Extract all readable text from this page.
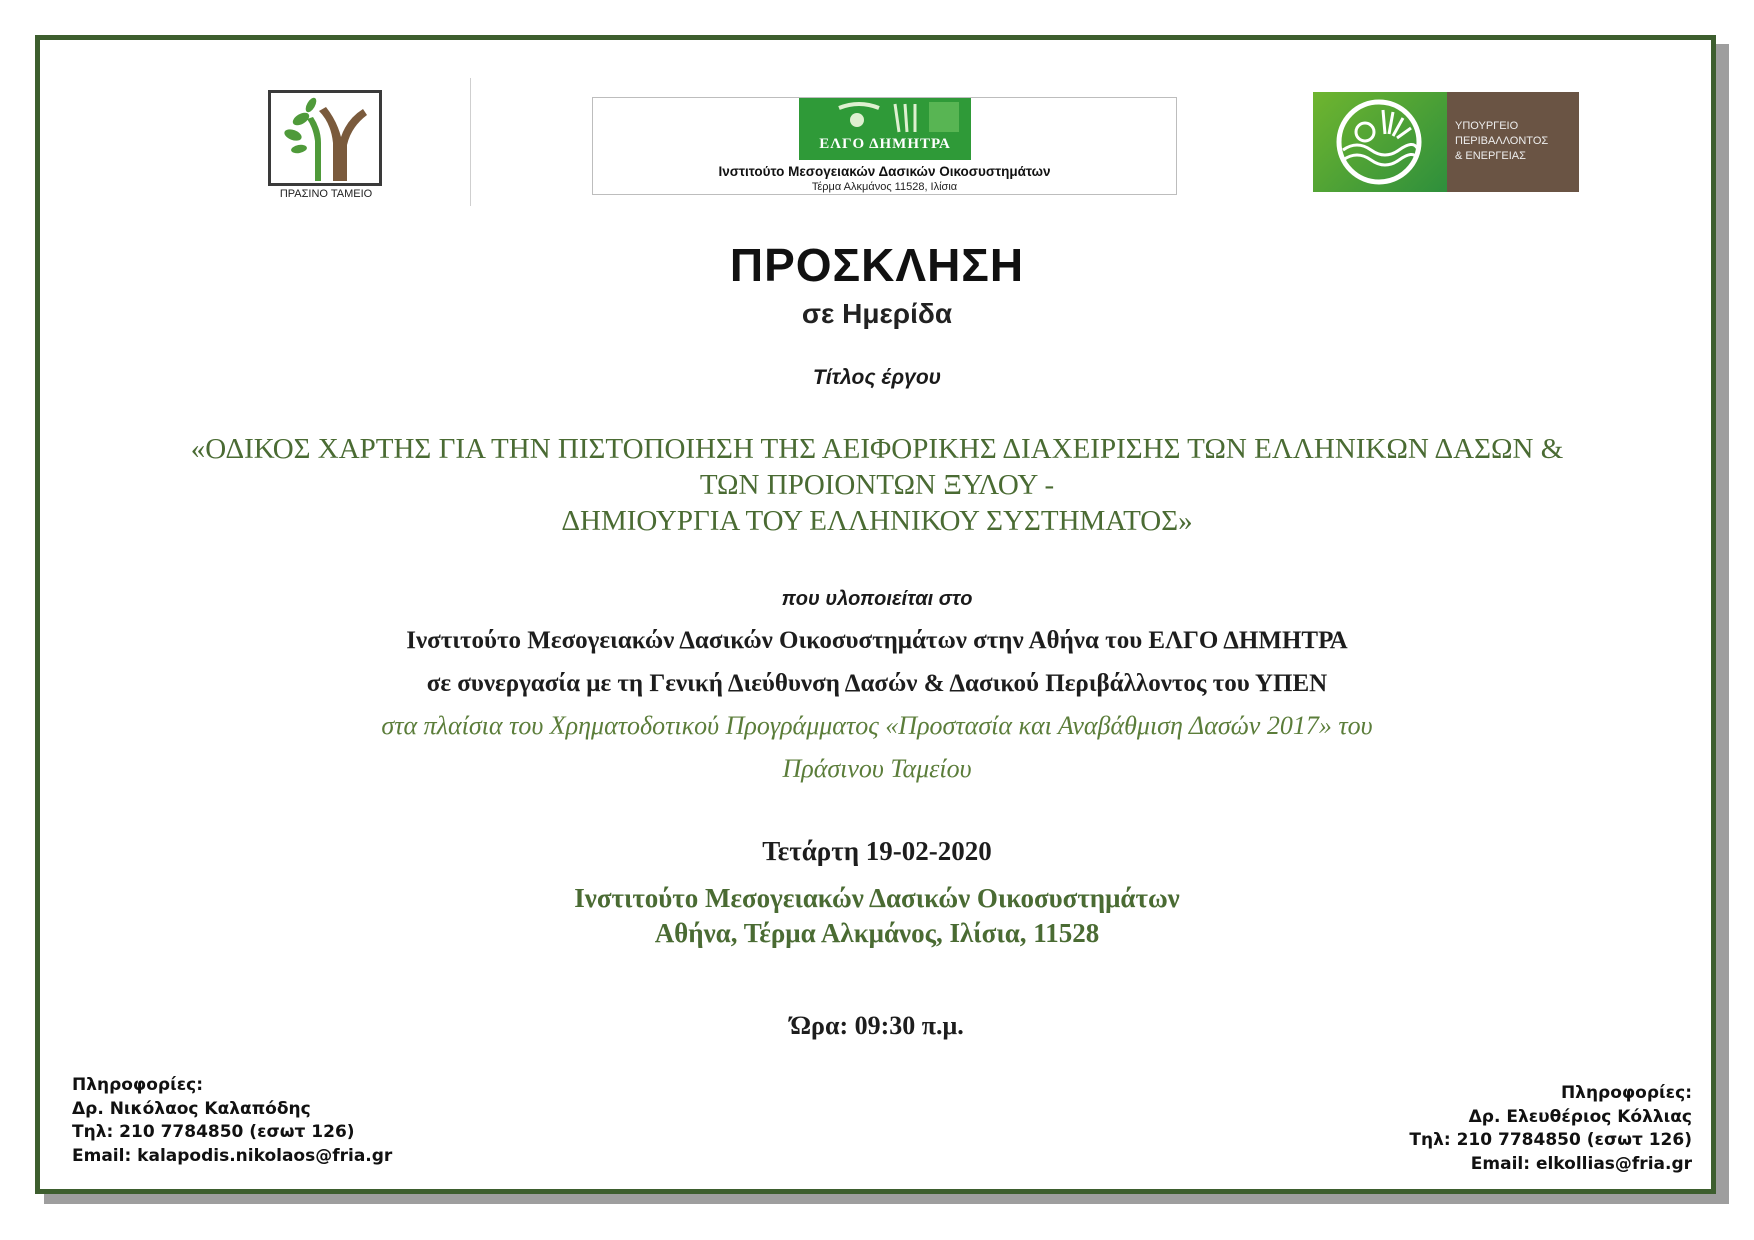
ΠΡΑΣΙΝΟ ΤΑΜΕΙΟ
ΕΛΓΟ ΔΗΜΗΤΡΑ
Ινστιτούτο Μεσογειακών Δασικών Οικοσυστημάτων
Τέρμα Αλκμάνος 11528, Ιλίσια
ΥΠΟΥΡΓΕΙΟ
ΠΕΡΙΒΑΛΛΟΝΤΟΣ
& ΕΝΕΡΓΕΙΑΣ
ΠΡΟΣΚΛΗΣΗ
σε Ημερίδα
Τίτλος έργου
«ΟΔΙΚΟΣ ΧΑΡΤΗΣ ΓΙΑ ΤΗΝ ΠΙΣΤΟΠΟΙΗΣΗ ΤΗΣ ΑΕΙΦΟΡΙΚΗΣ ΔΙΑΧΕΙΡΙΣΗΣ ΤΩΝ ΕΛΛΗΝΙΚΩΝ ΔΑΣΩΝ &
ΤΩΝ ΠΡΟΙΟΝΤΩΝ ΞΥΛΟΥ -
ΔΗΜΙΟΥΡΓΙΑ ΤΟΥ ΕΛΛΗΝΙΚΟΥ ΣΥΣΤΗΜΑΤΟΣ»
που υλοποιείται στο
Ινστιτούτο Μεσογειακών Δασικών Οικοσυστημάτων στην Αθήνα του ΕΛΓΟ ΔΗΜΗΤΡΑ
σε συνεργασία με τη Γενική Διεύθυνση Δασών & Δασικού Περιβάλλοντος του ΥΠΕΝ
στα πλαίσια του Χρηματοδοτικού Προγράμματος «Προστασία και Αναβάθμιση Δασών 2017» του
Πράσινου Ταμείου
Τετάρτη 19-02-2020
Ινστιτούτο Μεσογειακών Δασικών Οικοσυστημάτων
Αθήνα, Τέρμα Αλκμάνος, Ιλίσια, 11528
Ώρα: 09:30 π.μ.
Πληροφορίες:
Δρ. Νικόλαος Καλαπόδης
Τηλ: 210 7784850 (εσωτ 126)
Email: kalapodis.nikolaos@fria.gr
Πληροφορίες:
Δρ. Ελευθέριος Κόλλιας
Τηλ: 210 7784850 (εσωτ 126)
Email: elkollias@fria.gr
